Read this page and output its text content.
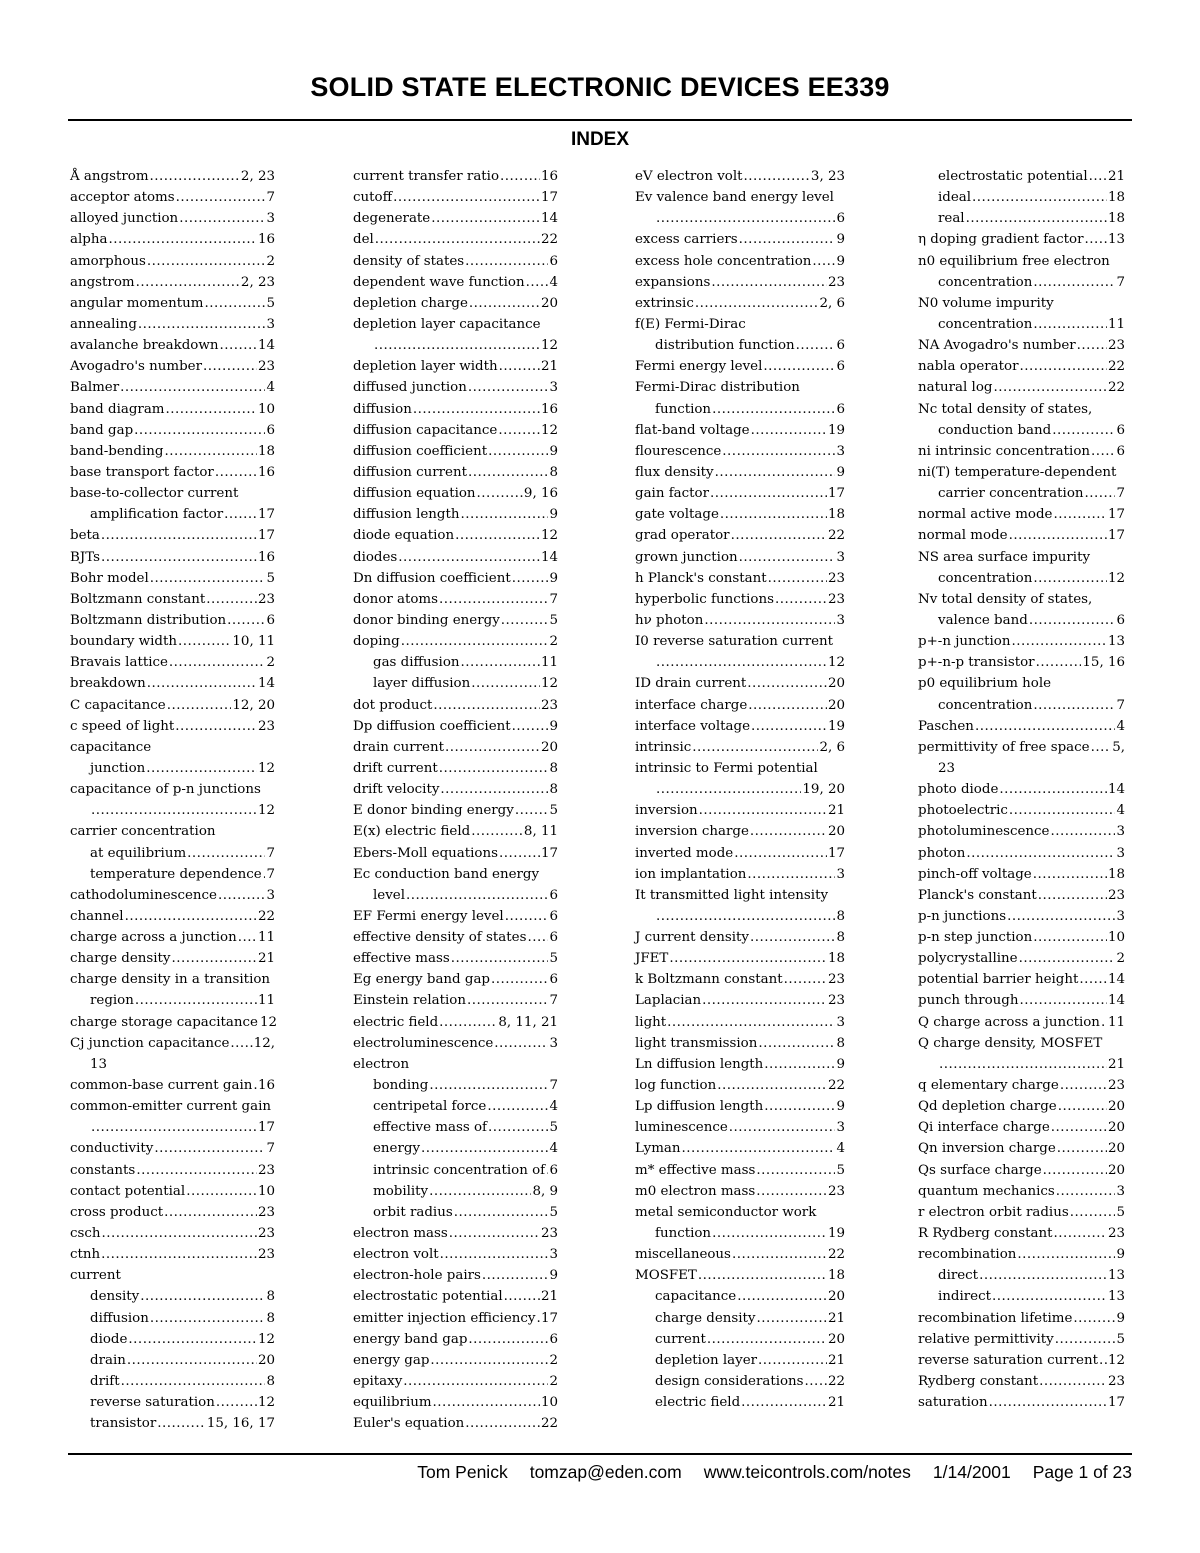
SOLID STATE ELECTRONIC DEVICES EE339
INDEX
Å angstrom .....	2, 23
acceptor atoms .....	7
alloyed junction .....	3
alpha .....	16
amorphous .....	2
angstrom .....	2, 23
angular momentum .....	5
annealing .....	3
avalanche breakdown .....	14
Avogadro's number .....	23
Balmer .....	4
band diagram .....	10
band gap .....	6
band-bending .....	18
base transport factor .....	16
base-to-collector current
amplification factor .....	17
beta .....	17
BJTs .....	16
Bohr model .....	5
Boltzmann constant .....	23
Boltzmann distribution .....	6
boundary width .....	10, 11
Bravais lattice .....	2
breakdown .....	14
C capacitance .....	12, 20
c speed of light .....	23
capacitance
junction .....	12
capacitance of p-n junctions
.....
12
carrier concentration
at equilibrium .....	7
temperature dependence ..... 7
cathodoluminescence .....	3
channel .....	22
charge across a junction ..... 11
charge density .....	21
charge density in a transition
region .....	11
charge storage capacitance 12
Cj junction capacitance ..... 12,
13
common-base current gain ..... 16
common-emitter current gain
.....
17
conductivity .....	7
constants .....	23
contact potential .....	10
cross product .....	23
csch .....	23
ctnh .....	23
current
density .....	8
diffusion .....	8
diode .....	12
drain .....	20
drift .....	8
reverse saturation .....	12
transistor .....	15, 16, 17
current transfer ratio .....	16
cutoff .....	17
degenerate .....	14
del .....	22
density of states .....	6
dependent wave function ..... 4
depletion charge .....	20
depletion layer capacitance
.....
12
depletion layer width .....	21
diffused junction .....	3
diffusion .....	16
diffusion capacitance .....	12
diffusion coefficient .....	9
diffusion current .....	8
diffusion equation .....	9, 16
diffusion length .....	9
diode equation .....	12
diodes .....	14
Dn diffusion coefficient .....	9
donor atoms .....	7
donor binding energy .....	5
doping .....	2
gas diffusion .....	11
layer diffusion .....	12
dot product .....	23
Dp diffusion coefficient .....	9
drain current .....	20
drift current .....	8
drift velocity .....	8
E donor binding energy .....	5
E(x) electric field .....	8, 11
Ebers-Moll equations .....	17
Ec conduction band energy
level .....	6
EF Fermi energy level .....	6
effective density of states ..... 6
effective mass .....	5
Eg energy band gap .....	6
Einstein relation .....	7
electric field .....	8, 11, 21
electroluminescence .....	3
electron
bonding .....	7
centripetal force .....	4
effective mass of .....	5
energy .....	4
intrinsic concentration of ..... 6
mobility .....	8, 9
orbit radius .....	5
electron mass .....	23
electron volt .....	3
electron-hole pairs .....	9
electrostatic potential .....	21
emitter injection efficiency ..... 17
energy band gap .....	6
energy gap .....	2
epitaxy .....	2
equilibrium .....	10
Euler's equation .....	22
eV electron volt .....	3, 23
Ev valence band energy level
.....
6
excess carriers .....	9
excess hole concentration ..... 9
expansions .....	23
extrinsic .....	2, 6
f(E) Fermi-Dirac
distribution function .....	6
Fermi energy level .....	6
Fermi-Dirac distribution
function .....	6
flat-band voltage .....	19
flourescence .....	3
flux density .....	9
gain factor .....	17
gate voltage .....	18
grad operator .....	22
grown junction .....	3
h Planck's constant .....	23
hyperbolic functions .....	23
hν photon .....	3
I0 reverse saturation current
.....
12
ID drain current .....	20
interface charge .....	20
interface voltage .....	19
intrinsic .....	2, 6
intrinsic to Fermi potential
.....
19, 20
inversion .....	21
inversion charge .....	20
inverted mode .....	17
ion implantation .....	3
It transmitted light intensity
.....
8
J current density .....	8
JFET .....	18
k Boltzmann constant .....	23
Laplacian .....	23
light .....	3
light transmission .....	8
Ln diffusion length .....	9
log function .....	22
Lp diffusion length .....	9
luminescence .....	3
Lyman .....	4
m* effective mass .....	5
m0 electron mass .....	23
metal semiconductor work
function .....	19
miscellaneous .....	22
MOSFET .....	18
capacitance .....	20
charge density .....	21
current .....	20
depletion layer .....	21
design considerations ..... 22
electric field .....	21
electrostatic potential ..... 21
ideal .....	18
real .....	18
η doping gradient factor ..... 13
n0 equilibrium free electron
concentration .....	7
N0 volume impurity
concentration .....	11
NA Avogadro's number ..... 23
nabla operator .....	22
natural log .....	22
Nc total density of states,
conduction band .....	6
ni intrinsic concentration ..... 6
ni(T) temperature-dependent
carrier concentration ..... 7
normal active mode .....	17
normal mode .....	17
NS area surface impurity
concentration .....	12
Nv total density of states,
valence band .....	6
p+-n junction .....	13
p+-n-p transistor .....	15, 16
p0 equilibrium hole
concentration .....	7
Paschen .....	4
permittivity of free space ..... 5,
23
photo diode .....	14
photoelectric .....	4
photoluminescence .....	3
photon .....	3
pinch-off voltage .....	18
Planck's constant .....	23
p-n junctions .....	3
p-n step junction .....	10
polycrystalline .....	2
potential barrier height ..... 14
punch through .....	14
Q charge across a junction ..... 11
Q charge density, MOSFET
.....
21
q elementary charge .....	23
Qd depletion charge .....	20
Qi interface charge .....	20
Qn inversion charge .....	20
Qs surface charge .....	20
quantum mechanics .....	3
r electron orbit radius .....	5
R Rydberg constant .....	23
recombination .....	9
direct .....	13
indirect .....	13
recombination lifetime .....	9
relative permittivity .....	5
reverse saturation current ..... 12
Rydberg constant .....	23
saturation .....	17
Tom Penick tomzap@eden.com www.teicontrols.com/notes 1/14/2001 Page 1 of 23
